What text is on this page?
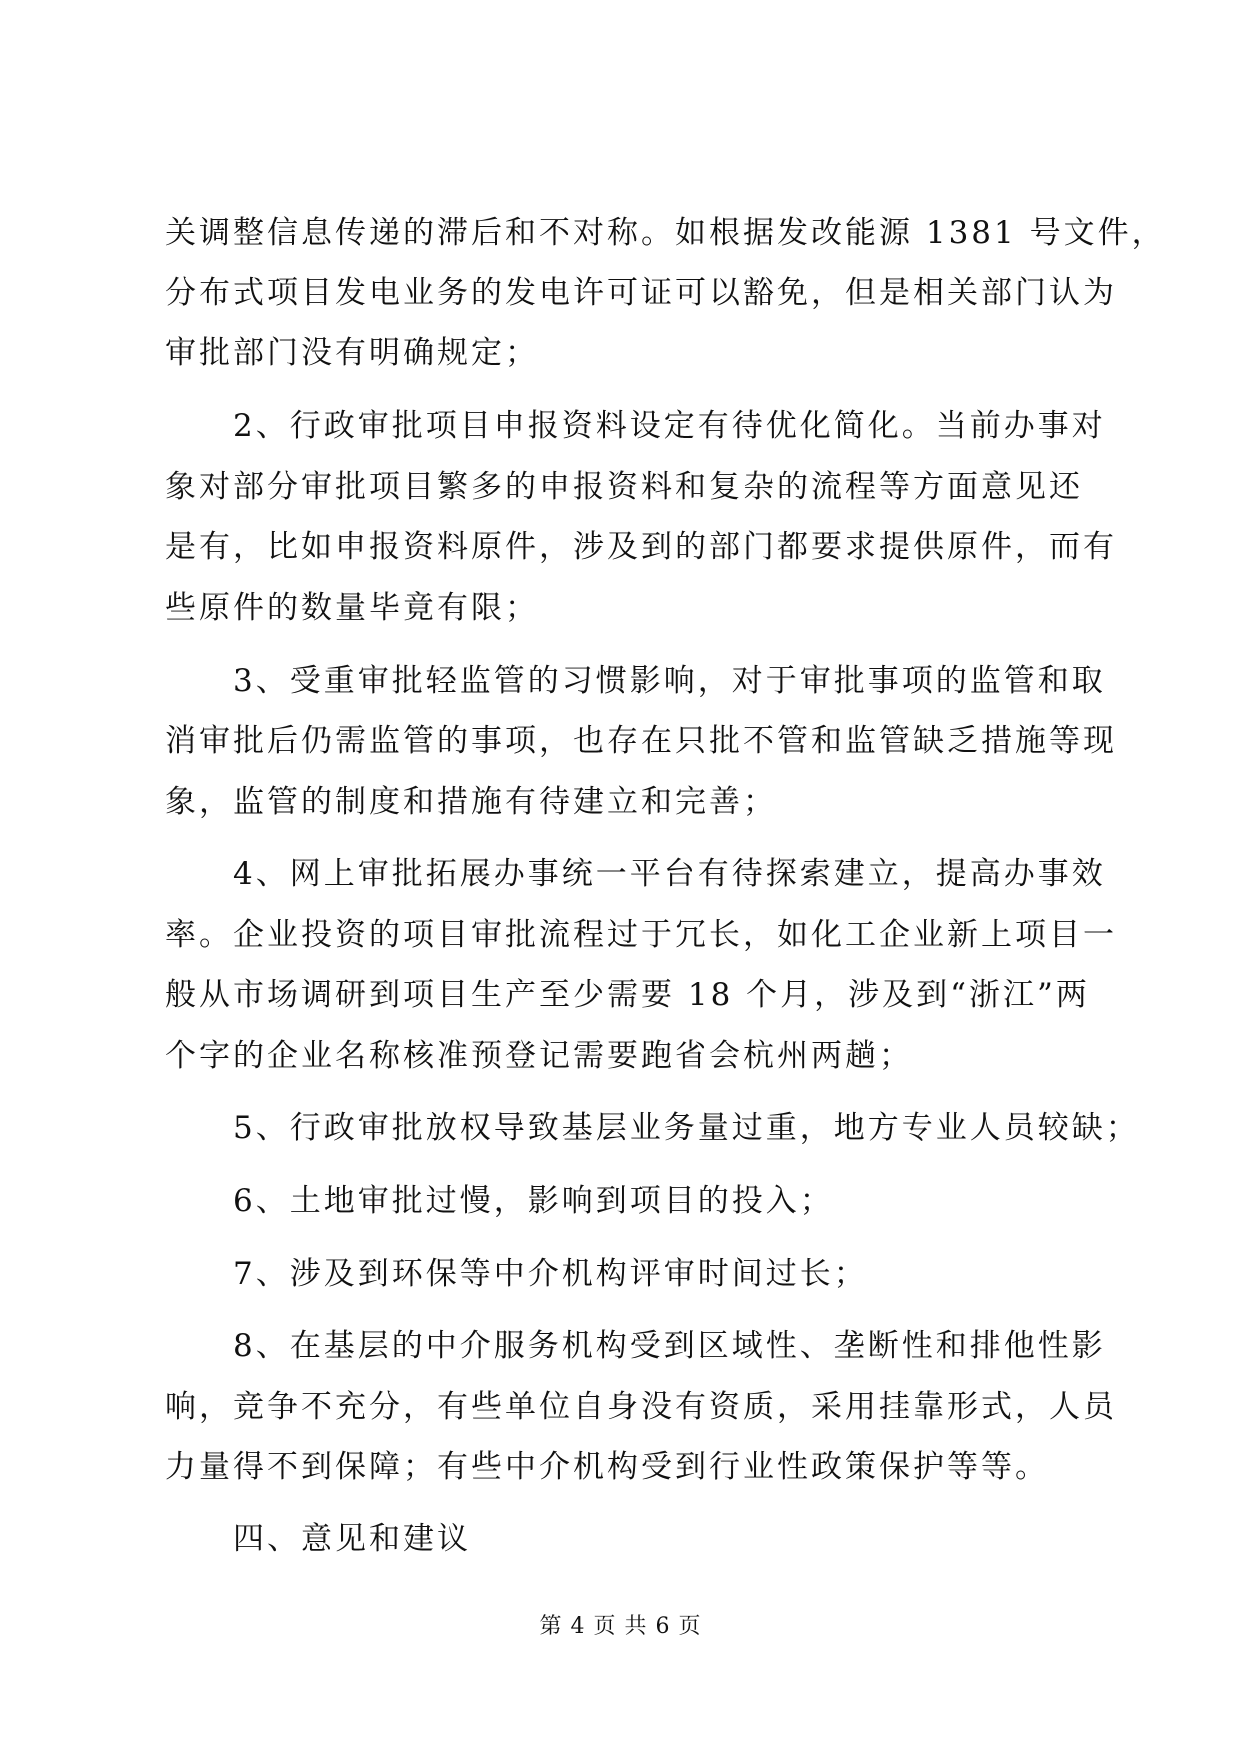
关调整信息传递的滞后和不对称。如根据发改能源 1381 号文件，

分布式项目发电业务的发电许可证可以豁免，但是相关部门认为

审批部门没有明确规定；

　　2、行政审批项目申报资料设定有待优化简化。当前办事对

象对部分审批项目繁多的申报资料和复杂的流程等方面意见还

是有，比如申报资料原件，涉及到的部门都要求提供原件，而有

些原件的数量毕竟有限；

　　3、受重审批轻监管的习惯影响，对于审批事项的监管和取

消审批后仍需监管的事项，也存在只批不管和监管缺乏措施等现

象，监管的制度和措施有待建立和完善；

　　4、网上审批拓展办事统一平台有待探索建立，提高办事效

率。企业投资的项目审批流程过于冗长，如化工企业新上项目一

般从市场调研到项目生产至少需要 18 个月，涉及到“浙江”两

个字的企业名称核准预登记需要跑省会杭州两趟；

　　5、行政审批放权导致基层业务量过重，地方专业人员较缺；

　　6、土地审批过慢，影响到项目的投入；

　　7、涉及到环保等中介机构评审时间过长；

　　8、在基层的中介服务机构受到区域性、垄断性和排他性影

响，竞争不充分，有些单位自身没有资质，采用挂靠形式，人员

力量得不到保障；有些中介机构受到行业性政策保护等等。

　　四、意见和建议

第 4 页 共 6 页
